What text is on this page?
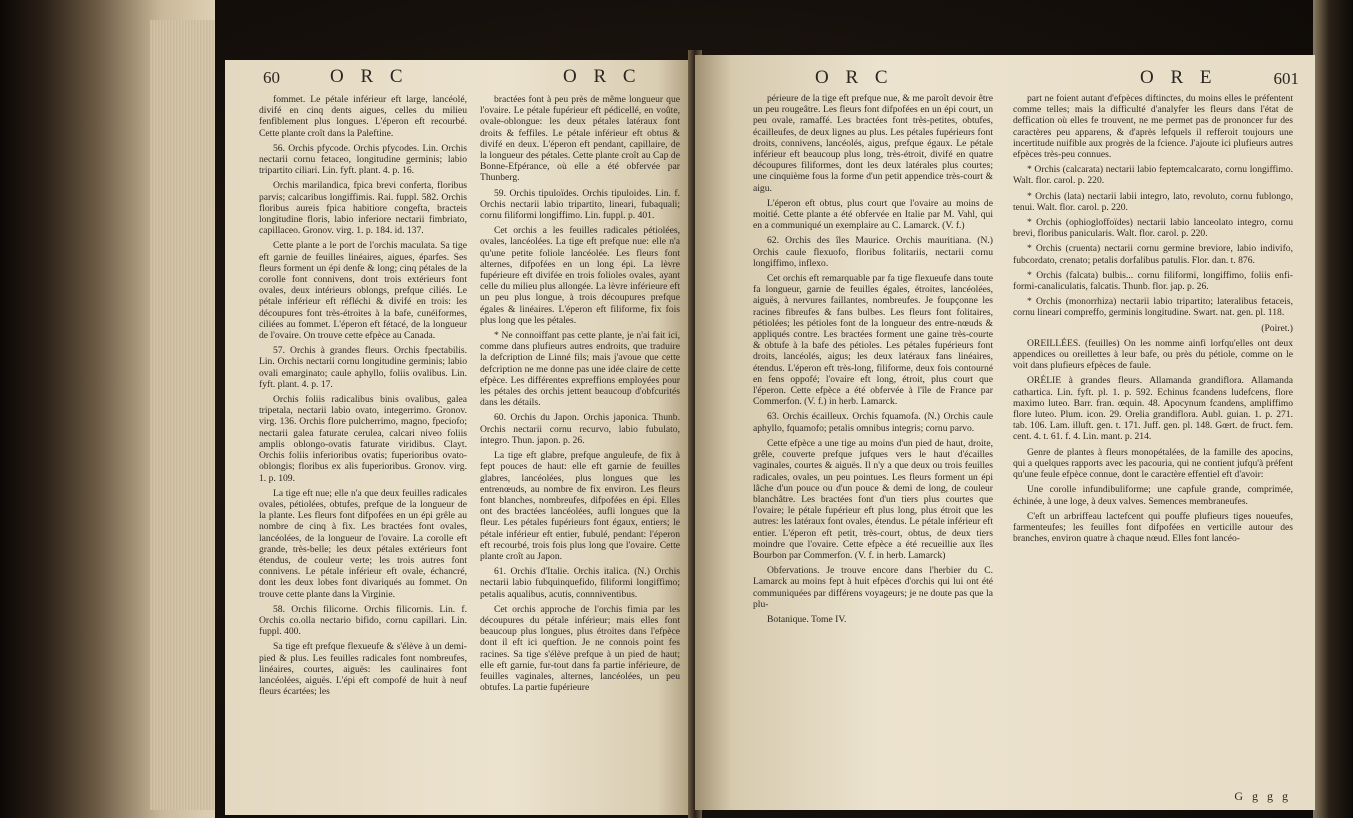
60	O R C	O R C

fommet. Le pétale inférieur eft large, lancéolé, divifé en cinq dents aigues, celles du milieu fenfiblement plus longues. L'éperon eft recourbé. Cette plante croît dans la Paleftine.

56. Orchis pfycode. Orchis pfycodes. Lin. Orchis nectarii cornu fetaceo, longitudine germinis; labio tripartito ciliari. Lin. fyft. plant. 4. p. 16.

Orchis marilandica, fpica brevi conferta, floribus parvis; calcaribus longiffimis. Rai. fuppl. 582. Orchis floribus aureis fpica habitiore congefta, bracteis longitudine floris, labio inferiore nectarii fimbriato, capillaceo. Gronov. virg. 1. p. 184. id. 137.

Cette plante a le port de l'orchis maculata. Sa tige eft garnie de feuilles linéaires, aigues, éparfes. Ses fleurs forment un épi denfe & long; cinq pétales de la corolle font connivens, dont trois extérieurs font ovales, deux intérieurs oblongs, prefque ciliés. Le pétale inférieur eft réfléchi & divifé en trois: les découpures font très-étroites à la bafe, cunéiformes, ciliées au fommet. L'éperon eft fétacé, de la longueur de l'ovaire. On trouve cette efpèce au Canada.

57. Orchis à grandes fleurs. Orchis fpectabilis. Lin. Orchis nectarii cornu longitudine germinis; labio ovali emarginato; caule aphyllo, foliis ovalibus. Lin. fyft. plant. 4. p. 17.

Orchis foliis radicalibus binis ovalibus, galea tripetala, nectarii labio ovato, integerrimo. Gronov. virg. 136. Orchis flore pulcherrimo, magno, fpeciofo; nectarii galea faturate cerulea, calcari niveo foliis amplis oblongo-ovatis faturate viridibus. Clayt. Orchis foliis inferioribus ovatis; fuperioribus ovato-oblongis; floribus ex alis fuperioribus. Gronov. virg. 1. p. 109.

La tige eft nue; elle n'a que deux feuilles radicales ovales, pétiolées, obtufes, prefque de la longueur de la plante. Les fleurs font difpofées en un épi grêle au nombre de cinq à fix. Les bractées font ovales, lancéolées, de la longueur de l'ovaire. La corolle eft grande, très-belle; les deux pétales extérieurs font étendus, de couleur verte; les trois autres font connivens. Le pétale inférieur eft ovale, échancré, dont les deux lobes font divariqués au fommet. On trouve cette plante dans la Virginie.

58. Orchis filicorne. Orchis filicornis. Lin. f. Orchis co.olla nectario bifido, cornu capillari. Lin. fuppl. 400.

Sa tige eft prefque flexueufe & s'élève à un demi-pied & plus. Les feuilles radicales font nombreufes, linéaires, courtes, aiguës: les caulinaires font lancéolées, aiguës. L'épi eft compofé de huit à neuf fleurs écartées; les

bractées font à peu près de même longueur que l'ovaire. Le pétale fupérieur eft pédicellé, en voûte, ovale-oblongue: les deux pétales latéraux font droits & feffiles. Le pétale inférieur eft obtus & divifé en deux. L'éperon eft pendant, capillaire, de la longueur des pétales. Cette plante croît au Cap de Bonne-Efpérance, où elle a été obfervée par Thunberg.

59. Orchis tipuloïdes. Orchis tipuloides. Lin. f. Orchis nectarii labio tripartito, lineari, fubaquali; cornu filiformi longiffimo. Lin. fuppl. p. 401.

Cet orchis a les feuilles radicales pétiolées, ovales, lancéolées. La tige eft prefque nue: elle n'a qu'une petite foliole lancéolée. Les fleurs font alternes, difpofées en un long épi. La lèvre fupérieure eft divifée en trois folioles ovales, ayant celle du milieu plus allongée. La lèvre inférieure eft un peu plus longue, à trois découpures prefque égales & linéaires. L'éperon eft filiforme, fix fois plus long que les pétales.

* Ne connoiffant pas cette plante, je n'ai fait ici, comme dans plufieurs autres endroits, que traduire la defcription de Linné fils; mais j'avoue que cette defcription ne me donne pas une idée claire de cette efpèce. Les différentes expreffions employées pour les pétales des orchis jettent beaucoup d'obfcurités dans les détails.

60. Orchis du Japon. Orchis japonica. Thunb. Orchis nectarii cornu recurvo, labio fubulato, integro. Thun. japon. p. 26.

La tige eft glabre, prefque anguleufe, de fix à fept pouces de haut: elle eft garnie de feuilles glabres, lancéolées, plus longues que les entrenœuds, au nombre de fix environ. Les fleurs font blanches, nombreufes, difpofées en épi. Elles ont des bractées lancéolées, aufli longues que la fleur. Les pétales fupérieurs font égaux, entiers; le pétale inférieur eft entier, fubulé, pendant: l'éperon eft recourbé, trois fois plus long que l'ovaire. Cette plante croît au Japon.

61. Orchis d'Italie. Orchis italica. (N.) Orchis nectarii labio fubquinquefido, filiformi longiffimo; petalis aqualibus, acutis, connniventibus.

Cet orchis approche de l'orchis fimia par les découpures du pétale inférieur; mais elles font beaucoup plus longues, plus étroites dans l'efpèce dont il eft ici queftion. Je ne connois point fes racines. Sa tige s'élève prefque à un pied de haut; elle eft garnie, fur-tout dans fa partie inférieure, de feuilles vaginales, alternes, lancéolées, un peu obtufes. La partie fupérieure

O R C	O R E	601

périeure de la tige eft prefque nue, & me paroît devoir être un peu rougeâtre. Les fleurs font difpofées en un épi court, un peu ovale, ramaffé. Les bractées font très-petites, obtufes, écailleufes, de deux lignes au plus. Les pétales fupérieurs font droits, connivens, lancéolés, aigus, prefque égaux. Le pétale inférieur eft beaucoup plus long, très-étroit, divifé en quatre découpures filiformes, dont les deux latérales plus courtes; une cinquième fous la forme d'un petit appendice très-court & aigu.

L'éperon eft obtus, plus court que l'ovaire au moins de moitié. Cette plante a été obfervée en Italie par M. Vahl, qui en a communiqué un exemplaire au C. Lamarck. (V. f.)

62. Orchis des îles Maurice. Orchis mauritiana. (N.) Orchis caule flexuofo, floribus folitariis, nectarii cornu longiffimo, inflexo.

Cet orchis eft remarquable par fa tige flexueufe dans toute fa longueur, garnie de feuilles égales, étroites, lancéolées, aiguës, à nervures faillantes, nombreufes. Je foupçonne les racines fibreufes & fans bulbes. Les fleurs font folitaires, pétiolées; les pétioles font de la longueur des entre-nœuds & appliqués contre. Les bractées forment une gaine très-courte & obtufe à la bafe des pétioles. Les pétales fupérieurs font droits, lancéolés, aigus; les deux latéraux fans linéaires, étendus. L'éperon eft très-long, filiforme, deux fois contourné en fens oppofé; l'ovaire eft long, étroit, plus court que l'éperon. Cette efpèce a été obfervée à l'île de France par Commerfon. (V. f.) in herb. Lamarck.

63. Orchis écailleux. Orchis fquamofa. (N.) Orchis caule aphyllo, fquamofo; petalis omnibus integris; cornu parvo.

Cette efpèce a une tige au moins d'un pied de haut, droite, grêle, couverte prefque jufques vers le haut d'écailles vaginales, courtes & aiguës. Il n'y a que deux ou trois feuilles radicales, ovales, un peu pointues. Les fleurs forment un épi lâche d'un pouce ou d'un pouce & demi de long, de couleur blanchâtre. Les bractées font d'un tiers plus courtes que l'ovaire; le pétale fupérieur eft plus long, plus étroit que les autres: les latéraux font ovales, étendus. Le pétale inférieur eft entier. L'éperon eft petit, très-court, obtus, de deux tiers moindre que l'ovaire. Cette efpèce a été recueillie aux îles Bourbon par Commerfon. (V. f. in herb. Lamarck)

Obfervations. Je trouve encore dans l'herbier du C. Lamarck au moins fept à huit efpèces d'orchis qui lui ont été communiquées par différens voyageurs; je ne doute pas que la plu-

Botanique. Tome IV.

part ne foient autant d'efpèces diftinctes, du moins elles le préfentent comme telles; mais la difficulté d'analyfer les fleurs dans l'état de deffication où elles fe trouvent, ne me permet pas de prononcer fur des caractères peu apparens, & d'après lefquels il refferoit toujours une incertitude nuifible aux progrès de la fcience. J'ajoute ici plufieurs autres efpèces très-peu connues.

* Orchis (calcarata) nectarii labio feptemcalcarato, cornu longiffimo. Walt. flor. carol. p. 220.

* Orchis (lata) nectarii labii integro, lato, revoluto, cornu fublongo, tenui. Walt. flor. carol. p. 220.

* Orchis (ophiogloffoïdes) nectarii labio lanceolato integro, cornu brevi, floribus panicularis. Walt. flor. carol. p. 220.

* Orchis (cruenta) nectarii cornu germine breviore, labio indivifo, fubcordato, crenato; petalis dorfalibus patulis. Flor. dan. t. 876.

* Orchis (falcata) bulbis... cornu filiformi, longiffimo, foliis enfi-formi-canaliculatis, falcatis. Thunb. flor. jap. p. 26.

* Orchis (monorrhiza) nectarii labio tripartito; lateralibus fetaceis, cornu lineari compreffo, germinis longitudine. Swart. nat. gen. pl. 118.

(Poiret.)

OREILLÉES. (feuilles) On les nomme ainfi lorfqu'elles ont deux appendices ou oreillettes à leur bafe, ou près du pétiole, comme on le voit dans plufieurs efpèces de faule.

ORÉLIE à grandes fleurs. Allamanda grandiflora. Allamanda cathartica. Lin. fyft. pl. 1. p. 592. Echinus fcandens ludefcens, flore maximo luteo. Barr. fran. œquin. 48. Apocynum fcandens, ampliffimo flore luteo. Plum. icon. 29. Orelia grandiflora. Aubl. guian. 1. p. 271. tab. 106. Lam. illuft. gen. t. 171. Juff. gen. pl. 148. Gœrt. de fruct. fem. cent. 4. t. 61. f. 4. Lin. mant. p. 214.

Genre de plantes à fleurs monopétalées, de la famille des apocins, qui a quelques rapports avec les pacouria, qui ne contient jufqu'à préfent qu'une feule efpèce connue, dont le caractère effentiel eft d'avoir:

Une corolle infundibuliforme; une capfule grande, comprimée, échinée, à une loge, à deux valves. Semences membraneufes.

C'eft un arbriffeau lactefcent qui pouffe plufieurs tiges noueufes, farmenteufes; les feuilles font difpofées en verticille autour des branches, environ quatre à chaque nœud. Elles font lancéo-

G g g g
